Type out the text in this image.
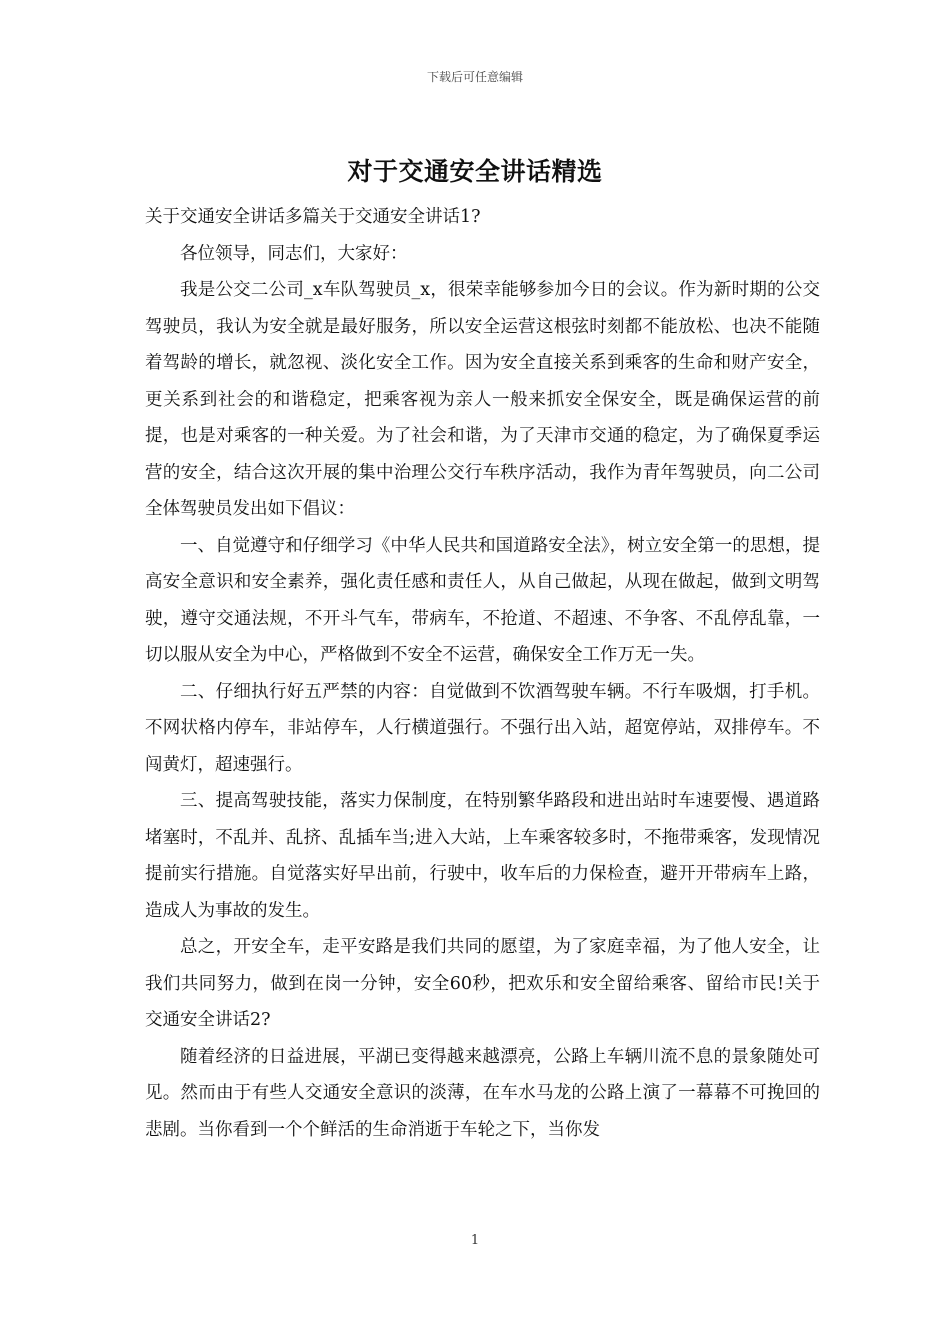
下载后可任意编辑
对于交通安全讲话精选

关于交通安全讲话多篇关于交通安全讲话1?

各位领导，同志们，大家好：

我是公交二公司_x车队驾驶员_x，很荣幸能够参加今日的会议。作为新时期的公交驾驶员，我认为安全就是最好服务，所以安全运营这根弦时刻都不能放松、也决不能随着驾龄的增长，就忽视、淡化安全工作。因为安全直接关系到乘客的生命和财产安全，更关系到社会的和谐稳定，把乘客视为亲人一般来抓安全保安全，既是确保运营的前提，也是对乘客的一种关爱。为了社会和谐，为了天津市交通的稳定，为了确保夏季运营的安全，结合这次开展的集中治理公交行车秩序活动，我作为青年驾驶员，向二公司全体驾驶员发出如下倡议：

一、自觉遵守和仔细学习《中华人民共和国道路安全法》，树立安全第一的思想，提高安全意识和安全素养，强化责任感和责任人，从自己做起，从现在做起，做到文明驾驶，遵守交通法规，不开斗气车，带病车，不抢道、不超速、不争客、不乱停乱靠，一切以服从安全为中心，严格做到不安全不运营，确保安全工作万无一失。

二、仔细执行好五严禁的内容：自觉做到不饮酒驾驶车辆。不行车吸烟，打手机。不网状格内停车，非站停车，人行横道强行。不强行出入站，超宽停站，双排停车。不闯黄灯，超速强行。

三、提高驾驶技能，落实力保制度，在特别繁华路段和进出站时车速要慢、遇道路堵塞时，不乱并、乱挤、乱插车当;进入大站，上车乘客较多时，不拖带乘客，发现情况提前实行措施。自觉落实好早出前，行驶中，收车后的力保检查，避开开带病车上路，造成人为事故的发生。

总之，开安全车，走平安路是我们共同的愿望，为了家庭幸福，为了他人安全，让我们共同努力，做到在岗一分钟，安全60秒，把欢乐和安全留给乘客、留给市民!关于交通安全讲话2?

随着经济的日益进展，平湖已变得越来越漂亮，公路上车辆川流不息的景象随处可见。然而由于有些人交通安全意识的淡薄，在车水马龙的公路上演了一幕幕不可挽回的悲剧。当你看到一个个鲜活的生命消逝于车轮之下，当你发

1
